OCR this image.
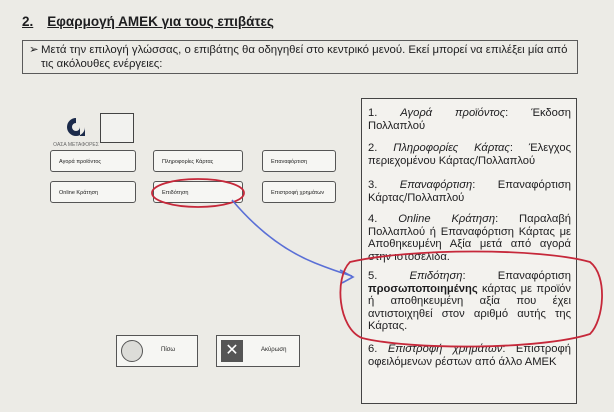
2. Εφαρμογή ΑΜΕΚ για τους επιβάτες
➢ Μετά την επιλογή γλώσσας, ο επιβάτης θα οδηγηθεί στο κεντρικό μενού. Εκεί μπορεί να επιλέξει μία από τις ακόλουθες ενέργειες:
ΟΑΣΑ ΜΕΤΑΦΟΡΕΣ
Αγορά προϊόντος	Πληροφορίες Κάρτας	Επαναφόρτιση
Online Κράτηση	Επιδότηση	Επιστροφή χρημάτων
Πίσω	✕	Ακύρωση
1. Αγορά προϊόντος: Έκδοση Πολλαπλού
2. Πληροφορίες Κάρτας: Έλεγχος περιεχομένου Κάρτας/Πολλαπλού
3. Επαναφόρτιση: Επαναφόρτιση Κάρτας/Πολλαπλού
4. Online Κράτηση: Παραλαβή Πολλαπλού ή Επαναφόρτιση Κάρτας με Αποθηκευμένη Αξία μετά από αγορά στην ιστοσελίδα.
5.	Επιδότηση: Επαναφόρτιση προσωποποιημένης κάρτας με προϊόν ή αποθηκευμένη αξία που έχει αντιστοιχηθεί στον αριθμό αυτής της Κάρτας.
6. Επιστροφή χρημάτων: Επιστροφή οφειλόμενων ρέστων από άλλο ΑΜΕΚ
